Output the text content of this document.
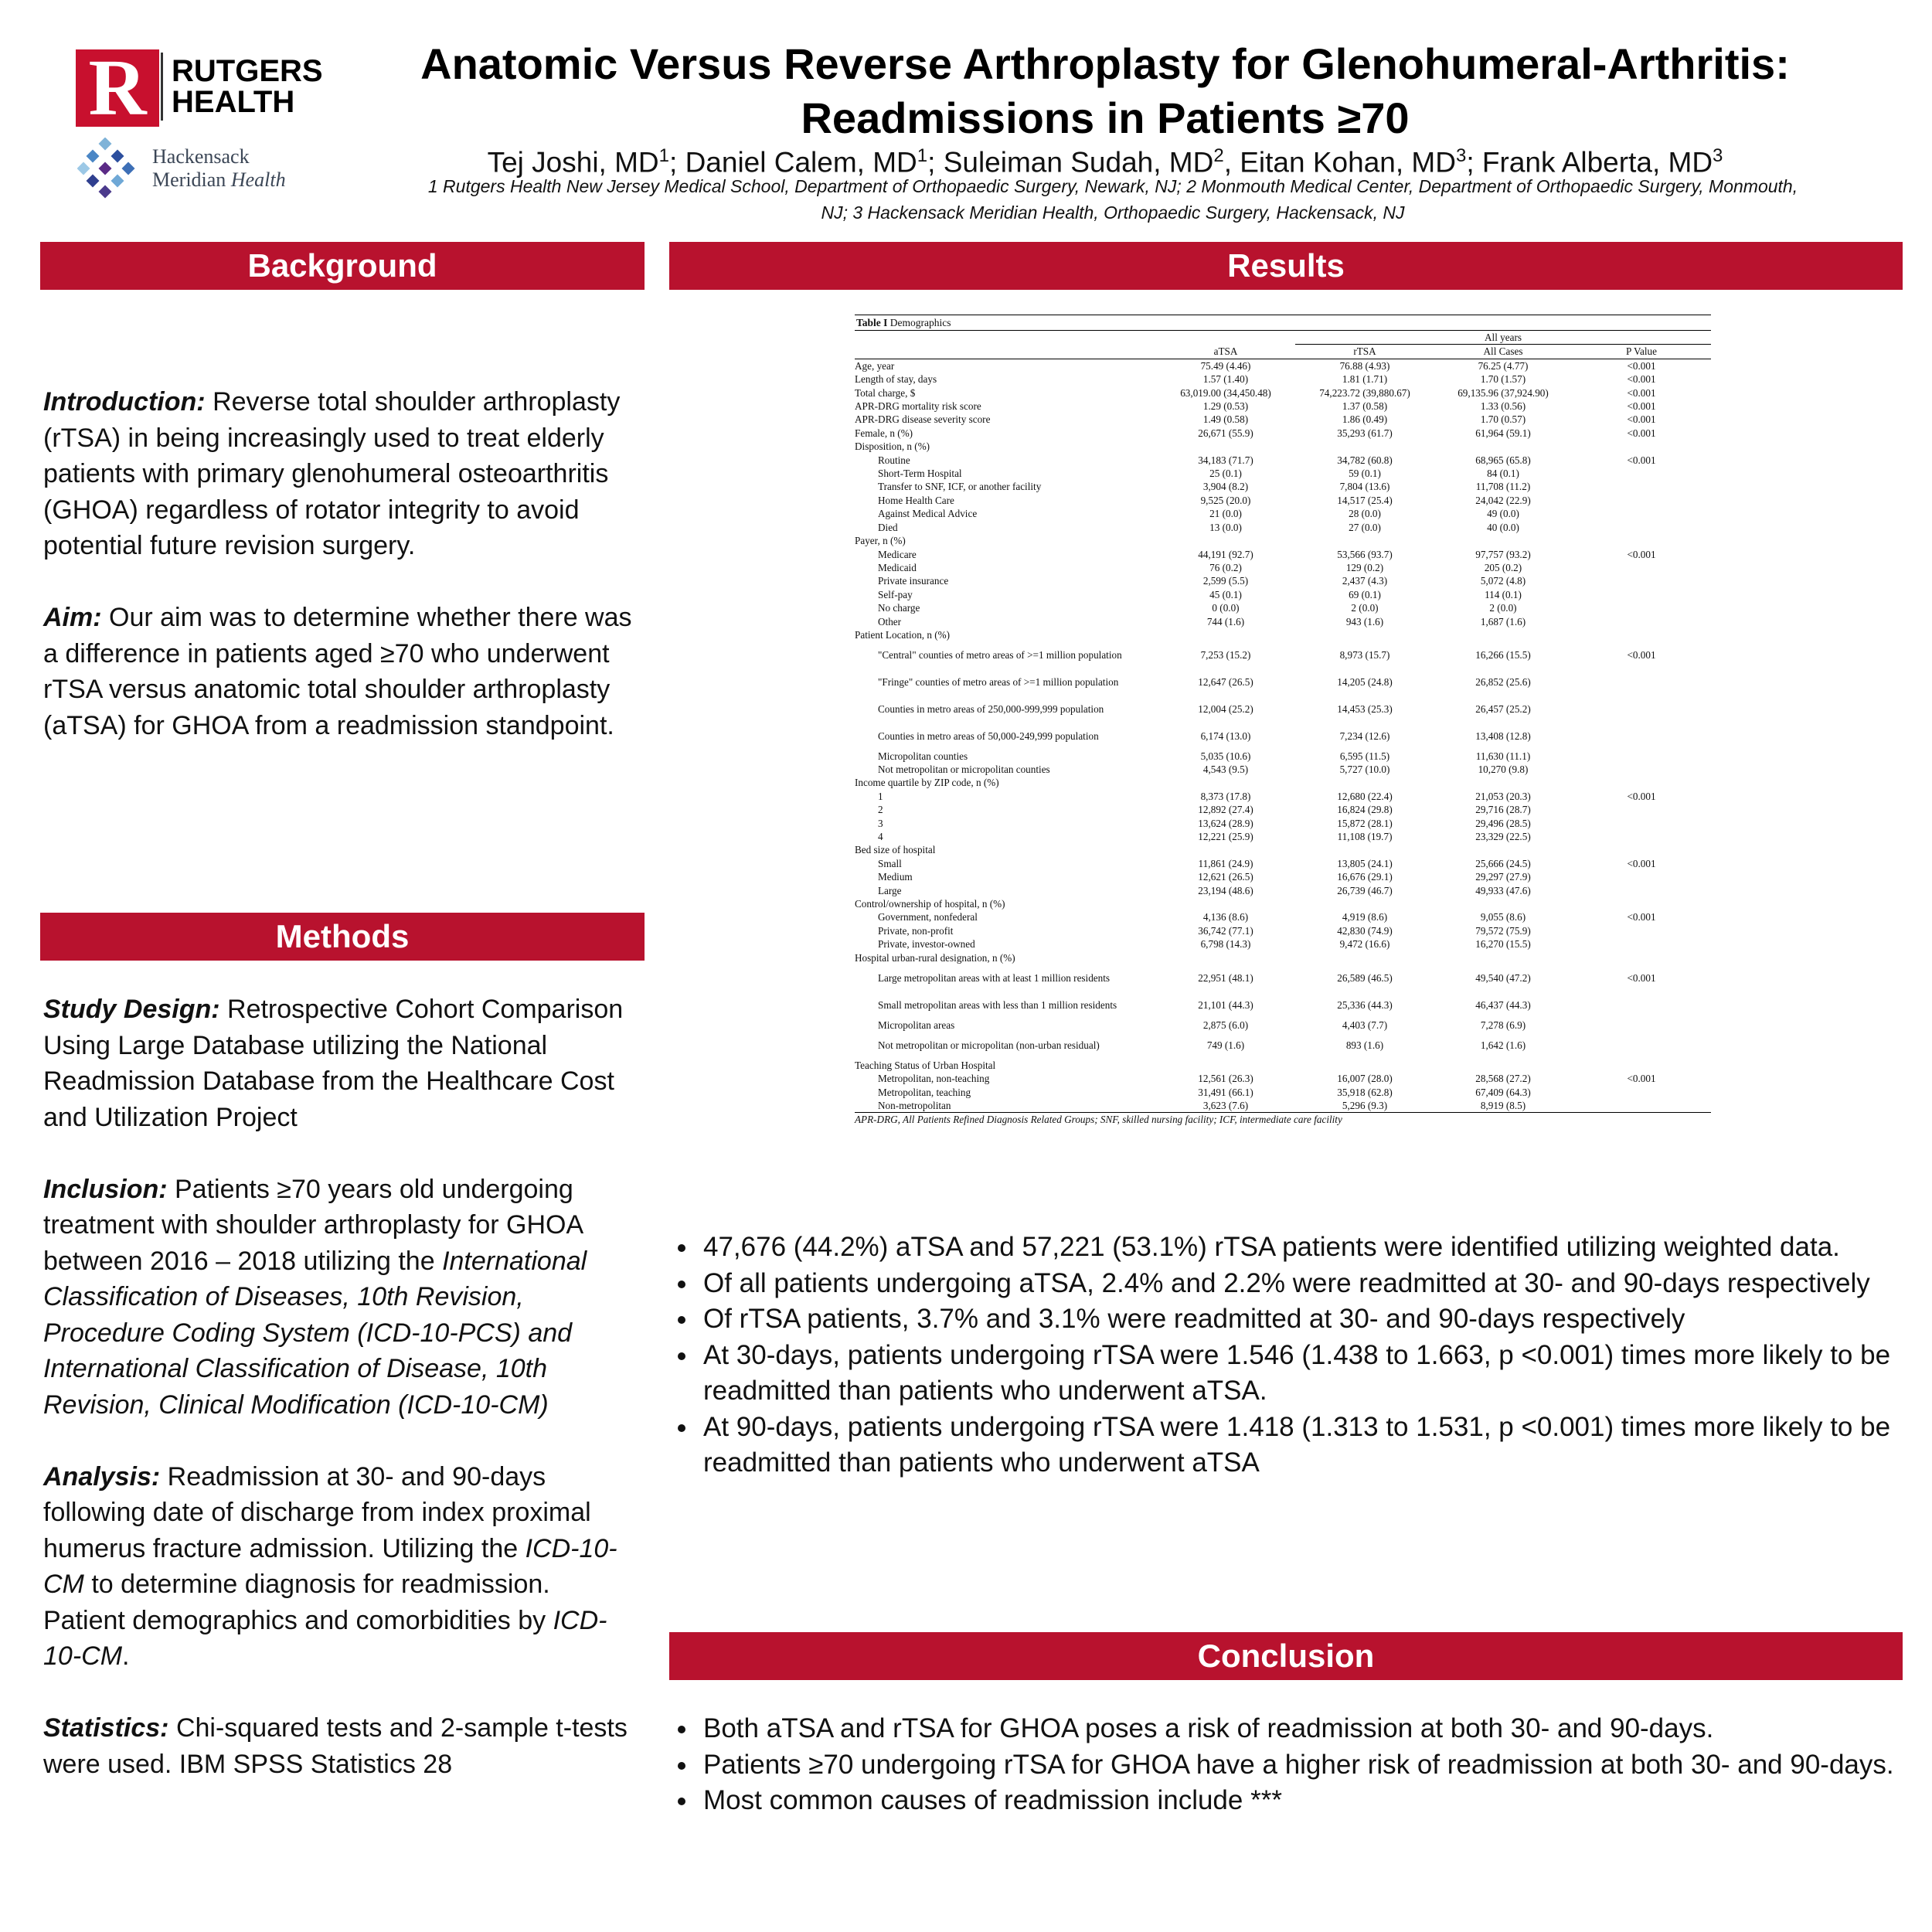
R RUTGERS
HEALTH
Hackensack
Meridian Health
Anatomic Versus Reverse Arthroplasty for Glenohumeral-Arthritis:
Readmissions in Patients ≥70
Tej Joshi, $MD^1$; Daniel Calem, $MD^1$; Suleiman Sudah, $MD^2$, Eitan Kohan, $MD^3$; Frank Alberta, $MD^3$
1 Rutgers Health New Jersey Medical School, Department of Orthopaedic Surgery, Newark, NJ; 2 Monmouth Medical Center, Department of Orthopaedic Surgery, Monmouth,
NJ; 3 Hackensack Meridian Health, Orthopaedic Surgery, Hackensack, NJ
Background

Introduction: Reverse total shoulder arthroplasty (rTSA) in being increasingly used to treat elderly patients with primary glenohumeral osteoarthritis (GHOA) regardless of rotator integrity to avoid potential future revision surgery.

Aim: Our aim was to determine whether there was a difference in patients aged ≥70 who underwent rTSA versus anatomic total shoulder arthroplasty (aTSA) for GHOA from a readmission standpoint.

Methods

Study Design: Retrospective Cohort Comparison Using Large Database utilizing the National Readmission Database from the Healthcare Cost and Utilization Project

Inclusion: Patients ≥70 years old undergoing treatment with shoulder arthroplasty for GHOA between 2016 – 2018 utilizing the International Classification of Diseases, 10th Revision, Procedure Coding System (ICD-10-PCS) and International Classification of Disease, 10th Revision, Clinical Modification (ICD-10-CM)

Analysis: Readmission at 30- and 90-days following date of discharge from index proximal humerus fracture admission. Utilizing the ICD-10-CM to determine diagnosis for readmission. Patient demographics and comorbidities by ICD-10-CM.

Statistics: Chi-squared tests and 2-sample t-tests were used. IBM SPSS Statistics 28

Results
Table I Demographics
		All years		
	aTSA	rTSA	All Cases	P Value
Age, year	75.49 (4.46)	76.88 (4.93)	76.25 (4.77)	<0.001
Length of stay, days	1.57 (1.40)	1.81 (1.71)	1.70 (1.57)	<0.001
Total charge, $	63,019.00 (34,450.48)	74,223.72 (39,880.67)	69,135.96 (37,924.90)	<0.001
APR-DRG mortality risk score	1.29 (0.53)	1.37 (0.58)	1.33 (0.56)	<0.001
APR-DRG disease severity score	1.49 (0.58)	1.86 (0.49)	1.70 (0.57)	<0.001
Female, n (%)	26,671 (55.9)	35,293 (61.7)	61,964 (59.1)	<0.001
Disposition, n (%)				
Routine	34,183 (71.7)	34,782 (60.8)	68,965 (65.8)	<0.001
Short-Term Hospital	25 (0.1)	59 (0.1)	84 (0.1)	
Transfer to SNF, ICF, or another facility	3,904 (8.2)	7,804 (13.6)	11,708 (11.2)	
Home Health Care	9,525 (20.0)	14,517 (25.4)	24,042 (22.9)	
Against Medical Advice	21 (0.0)	28 (0.0)	49 (0.0)	
Died	13 (0.0)	27 (0.0)	40 (0.0)	
Payer, n (%)				
Medicare	44,191 (92.7)	53,566 (93.7)	97,757 (93.2)	<0.001
Medicaid	76 (0.2)	129 (0.2)	205 (0.2)	
Private insurance	2,599 (5.5)	2,437 (4.3)	5,072 (4.8)	
Self-pay	45 (0.1)	69 (0.1)	114 (0.1)	
No charge	0 (0.0)	2 (0.0)	2 (0.0)	
Other	744 (1.6)	943 (1.6)	1,687 (1.6)	
Patient Location, n (%)				
"Central" counties of metro areas of >=1 million population	7,253 (15.2)	8,973 (15.7)	16,266 (15.5)	<0.001
"Fringe" counties of metro areas of >=1 million population	12,647 (26.5)	14,205 (24.8)	26,852 (25.6)	
Counties in metro areas of 250,000-999,999 population	12,004 (25.2)	14,453 (25.3)	26,457 (25.2)	
Counties in metro areas of 50,000-249,999 population	6,174 (13.0)	7,234 (12.6)	13,408 (12.8)	
Micropolitan counties	5,035 (10.6)	6,595 (11.5)	11,630 (11.1)	
Not metropolitan or micropolitan counties	4,543 (9.5)	5,727 (10.0)	10,270 (9.8)	
Income quartile by ZIP code, n (%)				
1	8,373 (17.8)	12,680 (22.4)	21,053 (20.3)	<0.001
2	12,892 (27.4)	16,824 (29.8)	29,716 (28.7)	
3	13,624 (28.9)	15,872 (28.1)	29,496 (28.5)	
4	12,221 (25.9)	11,108 (19.7)	23,329 (22.5)	
Bed size of hospital				
Small	11,861 (24.9)	13,805 (24.1)	25,666 (24.5)	<0.001
Medium	12,621 (26.5)	16,676 (29.1)	29,297 (27.9)	
Large	23,194 (48.6)	26,739 (46.7)	49,933 (47.6)	
Control/ownership of hospital, n (%)				
Government, nonfederal	4,136 (8.6)	4,919 (8.6)	9,055 (8.6)	<0.001
Private, non-profit	36,742 (77.1)	42,830 (74.9)	79,572 (75.9)	
Private, investor-owned	6,798 (14.3)	9,472 (16.6)	16,270 (15.5)	
Hospital urban-rural designation, n (%)				
Large metropolitan areas with at least 1 million residents	22,951 (48.1)	26,589 (46.5)	49,540 (47.2)	<0.001
Small metropolitan areas with less than 1 million residents	21,101 (44.3)	25,336 (44.3)	46,437 (44.3)	
Micropolitan areas	2,875 (6.0)	4,403 (7.7)	7,278 (6.9)	
Not metropolitan or micropolitan (non-urban residual)	749 (1.6)	893 (1.6)	1,642 (1.6)	
Teaching Status of Urban Hospital				
Metropolitan, non-teaching	12,561 (26.3)	16,007 (28.0)	28,568 (27.2)	<0.001
Metropolitan, teaching	31,491 (66.1)	35,918 (62.8)	67,409 (64.3)	
Non-metropolitan	3,623 (7.6)	5,296 (9.3)	8,919 (8.5)	
APR-DRG, All Patients Refined Diagnosis Related Groups; SNF, skilled nursing facility; ICF, intermediate care facility
• 47,676 (44.2%) aTSA and 57,221 (53.1%) rTSA patients were identified utilizing weighted data.
• Of all patients undergoing aTSA, 2.4% and 2.2% were readmitted at 30- and 90-days respectively
• Of rTSA patients, 3.7% and 3.1% were readmitted at 30- and 90-days respectively
• At 30-days, patients undergoing rTSA were 1.546 (1.438 to 1.663, p <0.001) times more likely to be readmitted than patients who underwent aTSA.
• At 90-days, patients undergoing rTSA were 1.418 (1.313 to 1.531, p <0.001) times more likely to be readmitted than patients who underwent aTSA
Conclusion
• Both aTSA and rTSA for GHOA poses a risk of readmission at both 30- and 90-days.
• Patients ≥70 undergoing rTSA for GHOA have a higher risk of readmission at both 30- and 90-days.
• Most common causes of readmission include ***
